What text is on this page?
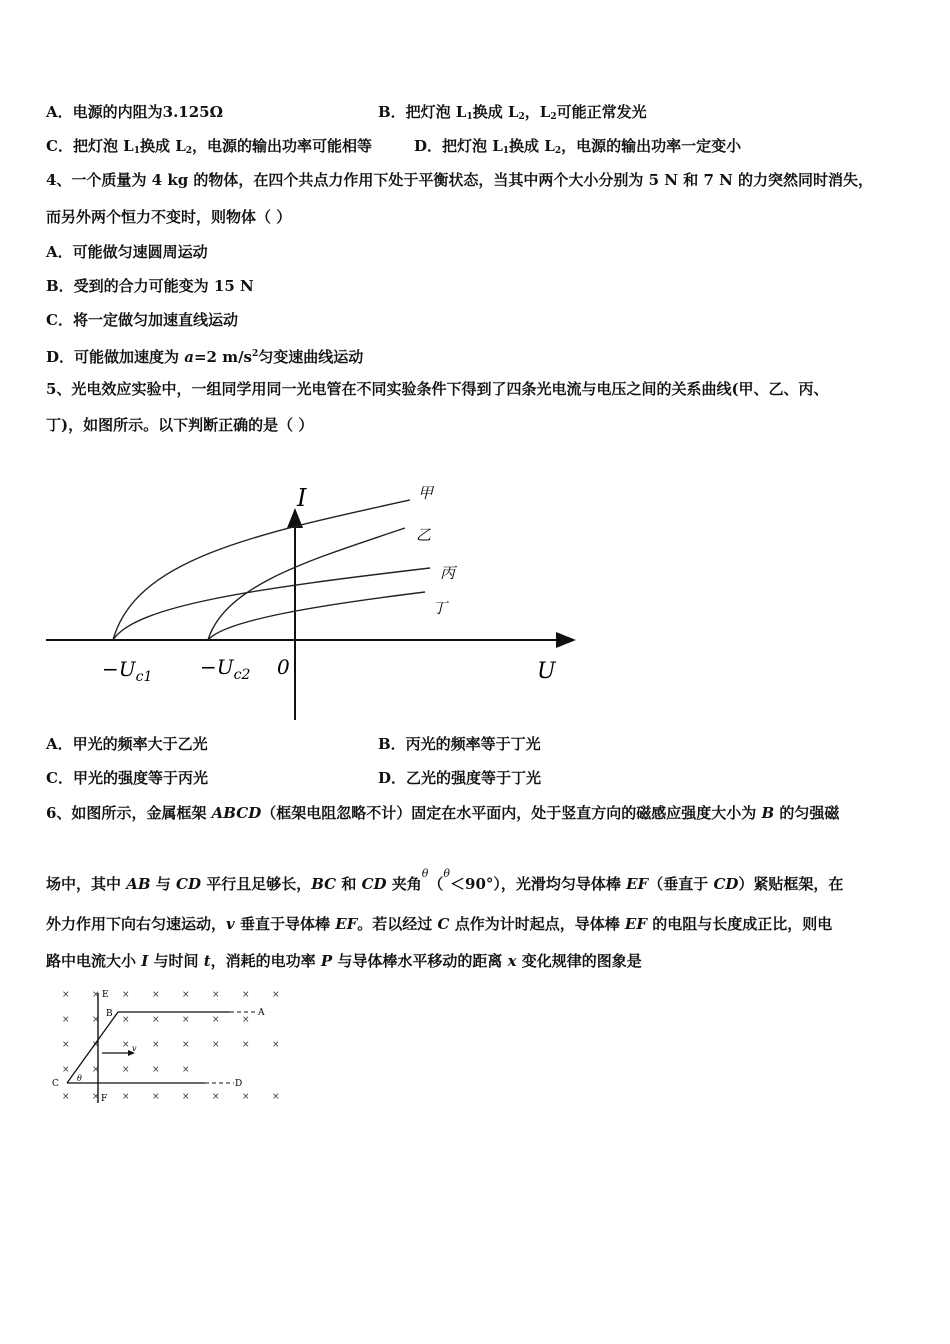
A．电源的内阻为3.125Ω	B．把灯泡 $L_1$换成 $L_2$，$L_2$可能正常发光
C．把灯泡 $L_1$换成 $L_2$，电源的输出功率可能相等	D．把灯泡 $L_1$换成 $L_2$，电源的输出功率一定变小
4、一个质量为 4 kg 的物体，在四个共点力作用下处于平衡状态，当其中两个大小分别为 5 N 和 7 N 的力突然同时消失，
而另外两个恒力不变时，则物体（ ）
A．可能做匀速圆周运动
B．受到的合力可能变为 15 N
C．将一定做匀加速直线运动
D．可能做加速度为 a=2 $m/s^2$匀变速曲线运动
5、光电效应实验中，一组同学用同一光电管在不同实验条件下得到了四条光电流与电压之间的关系曲线(甲、乙、丙、
丁)，如图所示。以下判断正确的是（ ）
I
U
0
$-U_{c1} -U_{c2}$
甲
乙
丙
丁
A．甲光的频率大于乙光	B．丙光的频率等于丁光
C．甲光的强度等于丙光	D．乙光的强度等于丁光
6、如图所示，金属框架 ABCD（框架电阻忽略不计）固定在水平面内，处于竖直方向的磁感应强度大小为 B 的匀强磁
场中，其中 AB 与 CD 平行且足够长，BC 和 CD 夹角$^\theta$（$^\theta$＜90°），光滑均匀导体棒 EF（垂直于 CD）紧贴框架，在
外力作用下向右匀速运动，v 垂直于导体棒 EF。若以经过 C 点作为计时起点，导体棒 EF 的电阻与长度成正比，则电
路中电流大小 I 与时间 t，消耗的电功率 P 与导体棒水平移动的距离 x 变化规律的图象是
× × × × × × × ×
× × × × × × ×
× × × × × × × ×
× × × × ×
× × × × × × × ×
E
B	A
C
θ
F
D
v
